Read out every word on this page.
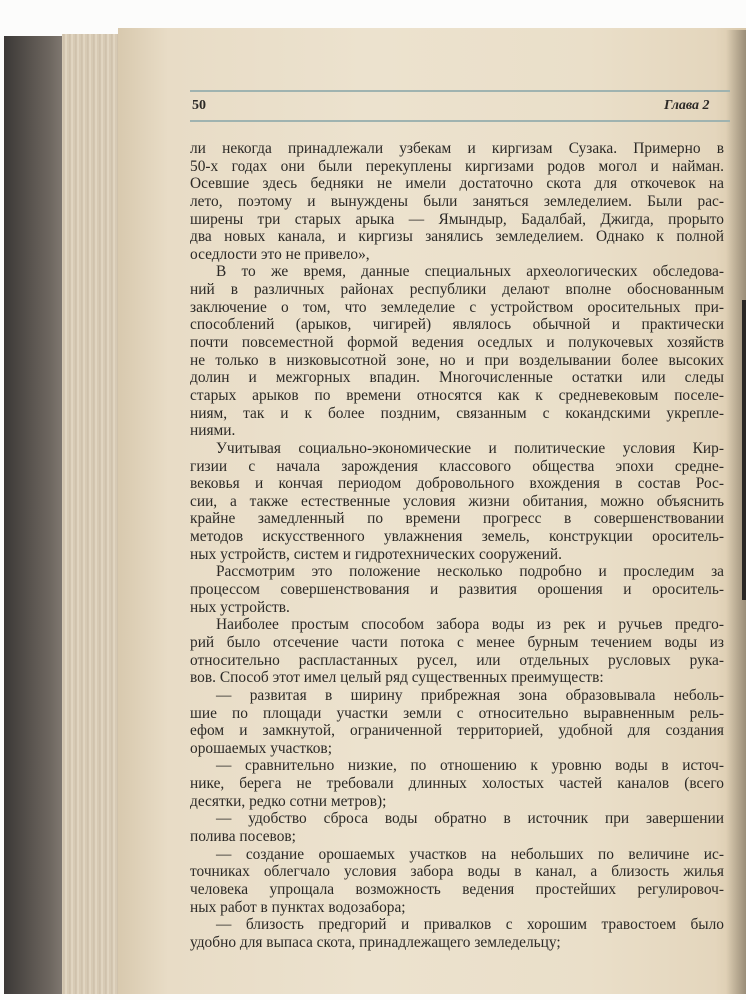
50	Глава 2
ли некогда принадлежали узбекам и киргизам Сузака. Примерно в
50-х годах они были перекуплены киргизами родов могол и найман.
Осевшие здесь бедняки не имели достаточно скота для откочевок на
лето, поэтому и вынуждены были заняться земледелием. Были рас-
ширены три старых арыка — Ямындыр, Бадалбай, Джигда, прорыто
два новых канала, и киргизы занялись земледелием. Однако к полной
оседлости это не привело»,
В то же время, данные специальных археологических обследова-
ний в различных районах республики делают вполне обоснованным
заключение о том, что земледелие с устройством оросительных при-
способлений (арыков, чигирей) являлось обычной и практически
почти повсеместной формой ведения оседлых и полукочевых хозяйств
не только в низковысотной зоне, но и при возделывании более высоких
долин и межгорных впадин. Многочисленные остатки или следы
старых арыков по времени относятся как к средневековым поселе-
ниям, так и к более поздним, связанным с кокандскими укрепле-
ниями.
Учитывая социально-экономические и политические условия Кир-
гизии с начала зарождения классового общества эпохи средне-
вековья и кончая периодом добровольного вхождения в состав Рос-
сии, а также естественные условия жизни обитания, можно объяснить
крайне замедленный по времени прогресс в совершенствовании
методов искусственного увлажнения земель, конструкции ороситель-
ных устройств, систем и гидротехнических сооружений.
Рассмотрим это положение несколько подробно и проследим за
процессом совершенствования и развития орошения и ороситель-
ных устройств.
Наиболее простым способом забора воды из рек и ручьев предго-
рий было отсечение части потока с менее бурным течением воды из
относительно распластанных русел, или отдельных русловых рука-
вов. Способ этот имел целый ряд существенных преимуществ:
— развитая в ширину прибрежная зона образовывала неболь-
шие по площади участки земли с относительно выравненным рель-
ефом и замкнутой, ограниченной территорией, удобной для создания
орошаемых участков;
— сравнительно низкие, по отношению к уровню воды в источ-
нике, берега не требовали длинных холостых частей каналов (всего
десятки, редко сотни метров);
— удобство сброса воды обратно в источник при завершении
полива посевов;
— создание орошаемых участков на небольших по величине ис-
точниках облегчало условия забора воды в канал, а близость жилья
человека упрощала возможность ведения простейших регулировоч-
ных работ в пунктах водозабора;
— близость предгорий и привалков с хорошим травостоем было
удобно для выпаса скота, принадлежащего земледельцу;
